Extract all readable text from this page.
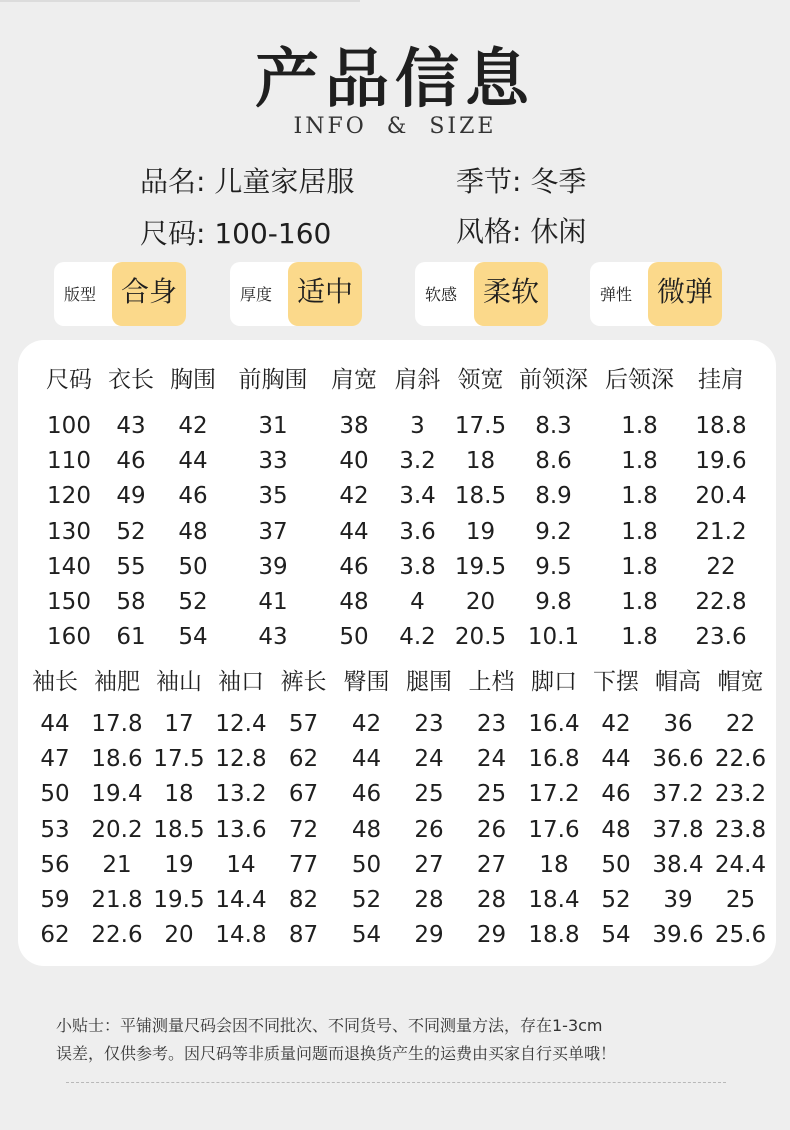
产品信息
INFO  &  SIZE
品名: 儿童家居服	季节: 冬季
尺码: 100-160	风格: 休闲
版型 合身	厚度 适中	软感 柔软	弹性 微弹
尺码	衣长	胸围	前胸围	肩宽	肩斜	领宽	前领深	后领深	挂肩
100	43	42	31	38	3	17.5	8.3	1.8	18.8
110	46	44	33	40	3.2	18	8.6	1.8	19.6
120	49	46	35	42	3.4	18.5	8.9	1.8	20.4
130	52	48	37	44	3.6	19	9.2	1.8	21.2
140	55	50	39	46	3.8	19.5	9.5	1.8	22
150	58	52	41	48	4	20	9.8	1.8	22.8
160	61	54	43	50	4.2	20.5	10.1	1.8	23.6
袖长	袖肥	袖山	袖口	裤长	臀围	腿围	上档	脚口	下摆	帽高	帽宽
44	17.8	17	12.4	57	42	23	23	16.4	42	36	22
47	18.6	17.5	12.8	62	44	24	24	16.8	44	36.6	22.6
50	19.4	18	13.2	67	46	25	25	17.2	46	37.2	23.2
53	20.2	18.5	13.6	72	48	26	26	17.6	48	37.8	23.8
56	21	19	14	77	50	27	27	18	50	38.4	24.4
59	21.8	19.5	14.4	82	52	28	28	18.4	52	39	25
62	22.6	20	14.8	87	54	29	29	18.8	54	39.6	25.6
小贴士：平铺测量尺码会因不同批次、不同货号、不同测量方法，存在1-3cm
误差，仅供参考。因尺码等非质量问题而退换货产生的运费由买家自行买单哦！
